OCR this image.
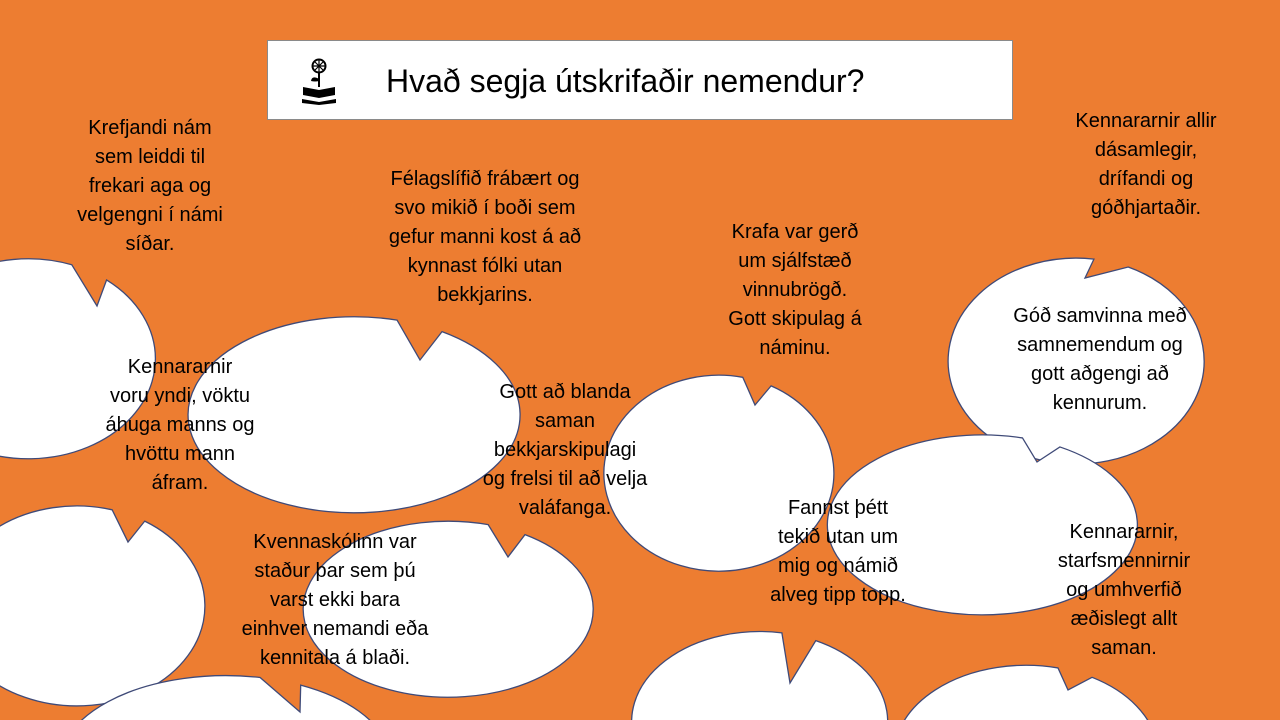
Hvað segja útskrifaðir nemendur?
Krefjandi nám
sem leiddi til
frekari aga og
velgengni í námi
síðar.
Félagslífið frábært og
svo mikið í boði sem
gefur manni kost á að
kynnast fólki utan
bekkjarins.
Krafa var gerð
um sjálfstæð
vinnubrögð.
Gott skipulag á
náminu.
Kennararnir allir
dásamlegir,
drífandi og
góðhjartaðir.
Góð samvinna með
samnemendum og
gott aðgengi að
kennurum.
Kennararnir
voru yndi, vöktu
áhuga manns og
hvöttu mann
áfram.
Gott að blanda
saman
bekkjarskipulagi
og frelsi til að velja
valáfanga.
Kvennaskólinn var
staður þar sem þú
varst ekki bara
einhver nemandi eða
kennitala á blaði.
Fannst þétt
tekið utan um
mig og námið
alveg tipp topp.
Kennararnir,
starfsmennirnir
og umhverfið
æðislegt allt
saman.
